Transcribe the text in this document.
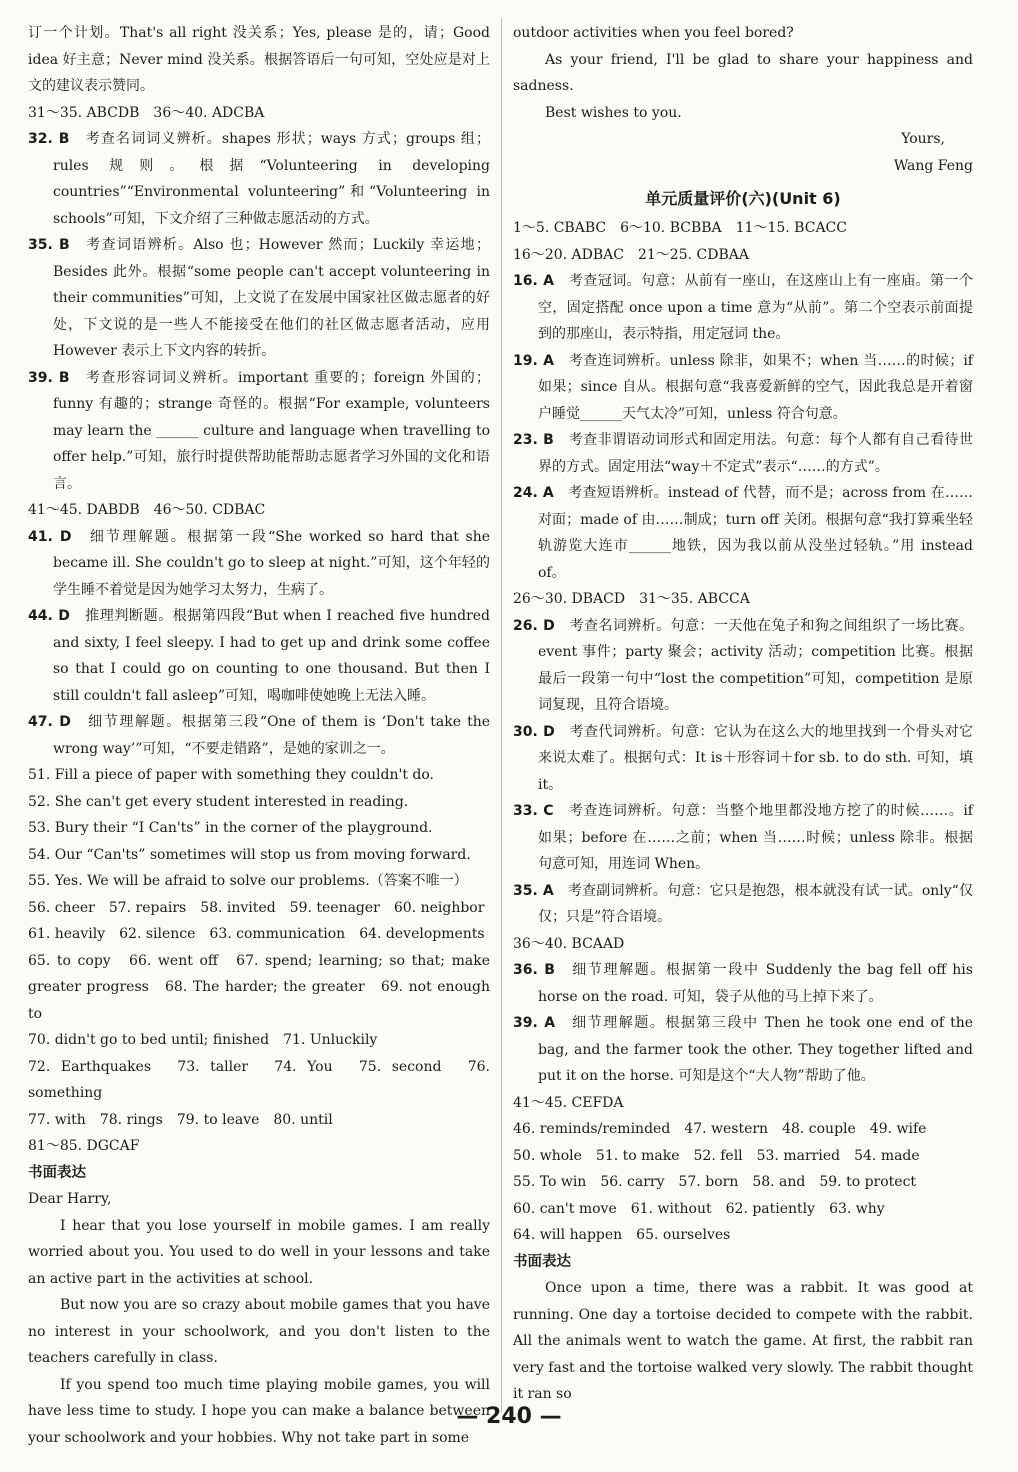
订一个计划。That's all right 没关系；Yes, please 是的，请；Good idea 好主意；Never mind 没关系。根据答语后一句可知，空处应是对上文的建议表示赞同。

31～35. ABCDB　36～40. ADCBA

32. B　考查名词词义辨析。shapes 形状；ways 方式；groups 组；rules 规则。根据“Volunteering in developing countries”“Environmental volunteering”和“Volunteering in schools”可知，下文介绍了三种做志愿活动的方式。

35. B　考查词语辨析。Also 也；However 然而；Luckily 幸运地；Besides 此外。根据“some people can't accept volunteering in their communities”可知，上文说了在发展中国家社区做志愿者的好处，下文说的是一些人不能接受在他们的社区做志愿者活动，应用 However 表示上下文内容的转折。

39. B　考查形容词词义辨析。important 重要的；foreign 外国的；funny 有趣的；strange 奇怪的。根据“For example, volunteers may learn the ______ culture and language when travelling to offer help.”可知，旅行时提供帮助能帮助志愿者学习外国的文化和语言。

41～45. DABDB　46～50. CDBAC

41. D　细节理解题。根据第一段“She worked so hard that she became ill. She couldn't go to sleep at night.”可知，这个年轻的学生睡不着觉是因为她学习太努力，生病了。

44. D　推理判断题。根据第四段“But when I reached five hundred and sixty, I feel sleepy. I had to get up and drink some coffee so that I could go on counting to one thousand. But then I still couldn't fall asleep”可知，喝咖啡使她晚上无法入睡。

47. D　细节理解题。根据第三段“One of them is ‘Don't take the wrong way’”可知，“不要走错路”，是她的家训之一。

51. Fill a piece of paper with something they couldn't do.

52. She can't get every student interested in reading.

53. Bury their “I Can'ts” in the corner of the playground.

54. Our “Can'ts” sometimes will stop us from moving forward.

55. Yes. We will be afraid to solve our problems.（答案不唯一）

56. cheer　57. repairs　58. invited　59. teenager　60. neighbor

61. heavily　62. silence　63. communication　64. developments

65. to copy　66. went off　67. spend; learning; so that; make greater progress　68. The harder; the greater　69. not enough to

70. didn't go to bed until; finished　71. Unluckily

72. Earthquakes　73. taller　74. You　75. second　76. something

77. with　78. rings　79. to leave　80. until

81～85. DGCAF

书面表达

Dear Harry,

I hear that you lose yourself in mobile games. I am really worried about you. You used to do well in your lessons and take an active part in the activities at school.

But now you are so crazy about mobile games that you have no interest in your schoolwork, and you don't listen to the teachers carefully in class.

If you spend too much time playing mobile games, you will have less time to study. I hope you can make a balance between your schoolwork and your hobbies. Why not take part in some

outdoor activities when you feel bored?

As your friend, I'll be glad to share your happiness and sadness.

Best wishes to you.

Yours,

Wang Feng

单元质量评价(六)(Unit 6)

1～5. CBABC　6～10. BCBBA　11～15. BCACC

16～20. ADBAC　21～25. CDBAA

16. A　考查冠词。句意：从前有一座山，在这座山上有一座庙。第一个空，固定搭配 once upon a time 意为“从前”。第二个空表示前面提到的那座山，表示特指，用定冠词 the。

19. A　考查连词辨析。unless 除非，如果不；when 当……的时候；if 如果；since 自从。根据句意“我喜爱新鲜的空气，因此我总是开着窗户睡觉______天气太冷”可知，unless 符合句意。

23. B　考查非谓语动词形式和固定用法。句意：每个人都有自己看待世界的方式。固定用法“way＋不定式”表示“……的方式”。

24. A　考查短语辨析。instead of 代替，而不是；across from 在……对面；made of 由……制成；turn off 关闭。根据句意“我打算乘坐轻轨游览大连市______地铁，因为我以前从没坐过轻轨。”用 instead of。

26～30. DBACD　31～35. ABCCA

26. D　考查名词辨析。句意：一天他在兔子和狗之间组织了一场比赛。event 事件；party 聚会；activity 活动；competition 比赛。根据最后一段第一句中“lost the competition”可知，competition 是原词复现，且符合语境。

30. D　考查代词辨析。句意：它认为在这么大的地里找到一个骨头对它来说太难了。根据句式：It is＋形容词＋for sb. to do sth. 可知，填 it。

33. C　考查连词辨析。句意：当整个地里都没地方挖了的时候……。if 如果；before 在……之前；when 当……时候；unless 除非。根据句意可知，用连词 When。

35. A　考查副词辨析。句意：它只是抱怨，根本就没有试一试。only“仅仅；只是”符合语境。

36～40. BCAAD

36. B　细节理解题。根据第一段中 Suddenly the bag fell off his horse on the road. 可知，袋子从他的马上掉下来了。

39. A　细节理解题。根据第三段中 Then he took one end of the bag, and the farmer took the other. They together lifted and put it on the horse. 可知是这个“大人物”帮助了他。

41～45. CEFDA

46. reminds/reminded　47. western　48. couple　49. wife

50. whole　51. to make　52. fell　53. married　54. made

55. To win　56. carry　57. born　58. and　59. to protect

60. can't move　61. without　62. patiently　63. why

64. will happen　65. ourselves

书面表达

Once upon a time, there was a rabbit. It was good at running. One day a tortoise decided to compete with the rabbit. All the animals went to watch the game. At first, the rabbit ran very fast and the tortoise walked very slowly. The rabbit thought it ran so

— 240 —
